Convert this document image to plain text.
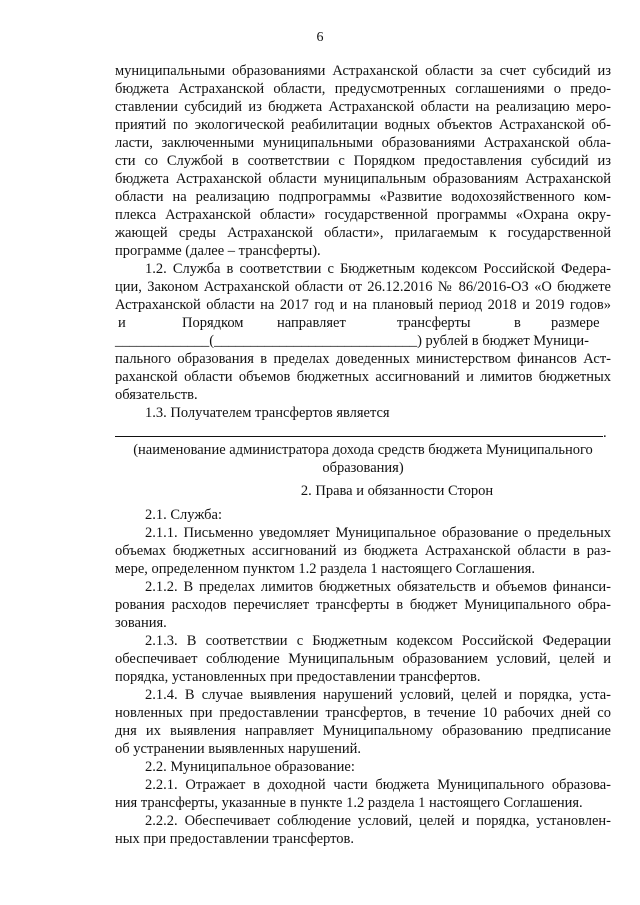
6
муниципальными образованиями Астраханской области за счет субсидий из
бюджета Астраханской области, предусмотренных соглашениями о предо-
ставлении субсидий из бюджета Астраханской области на реализацию меро-
приятий по экологической реабилитации водных объектов Астраханской об-
ласти, заключенными муниципальными образованиями Астраханской обла-
сти со Службой в соответствии с Порядком предоставления субсидий из
бюджета Астраханской области муниципальным образованиям Астраханской
области на реализацию подпрограммы «Развитие водохозяйственного ком-
плекса Астраханской области» государственной программы «Охрана окру-
жающей среды Астраханской области», прилагаемым к государственной
программе (далее – трансферты).
1.2. Служба в соответствии с Бюджетным кодексом Российской Федера-
ции, Законом Астраханской области от 26.12.2016 № 86/2016-ОЗ «О бюджете
Астраханской области на 2017 год и на плановый период 2018 и 2019 годов»
и	Порядком направляет	трансферты	в размере
_____________(____________________________) рублей в бюджет Муници-
пального образования в пределах доведенных министерством финансов Аст-
раханской области объемов бюджетных ассигнований и лимитов бюджетных
обязательств.
1.3. Получателем трансфертов является
.
(наименование администратора дохода средств бюджета Муниципального
образования)
2. Права и обязанности Сторон
2.1. Служба:
2.1.1. Письменно уведомляет Муниципальное образование о предельных
объемах бюджетных ассигнований из бюджета Астраханской области в раз-
мере, определенном пунктом 1.2 раздела 1 настоящего Соглашения.
2.1.2. В пределах лимитов бюджетных обязательств и объемов финанси-
рования расходов перечисляет трансферты в бюджет Муниципального обра-
зования.
2.1.3. В соответствии с Бюджетным кодексом Российской Федерации
обеспечивает соблюдение Муниципальным образованием условий, целей и
порядка, установленных при предоставлении трансфертов.
2.1.4. В случае выявления нарушений условий, целей и порядка, уста-
новленных при предоставлении трансфертов, в течение 10 рабочих дней со
дня их выявления направляет Муниципальному образованию предписание
об устранении выявленных нарушений.
2.2. Муниципальное образование:
2.2.1. Отражает в доходной части бюджета Муниципального образова-
ния трансферты, указанные в пункте 1.2 раздела 1 настоящего Соглашения.
2.2.2. Обеспечивает соблюдение условий, целей и порядка, установлен-
ных при предоставлении трансфертов.
